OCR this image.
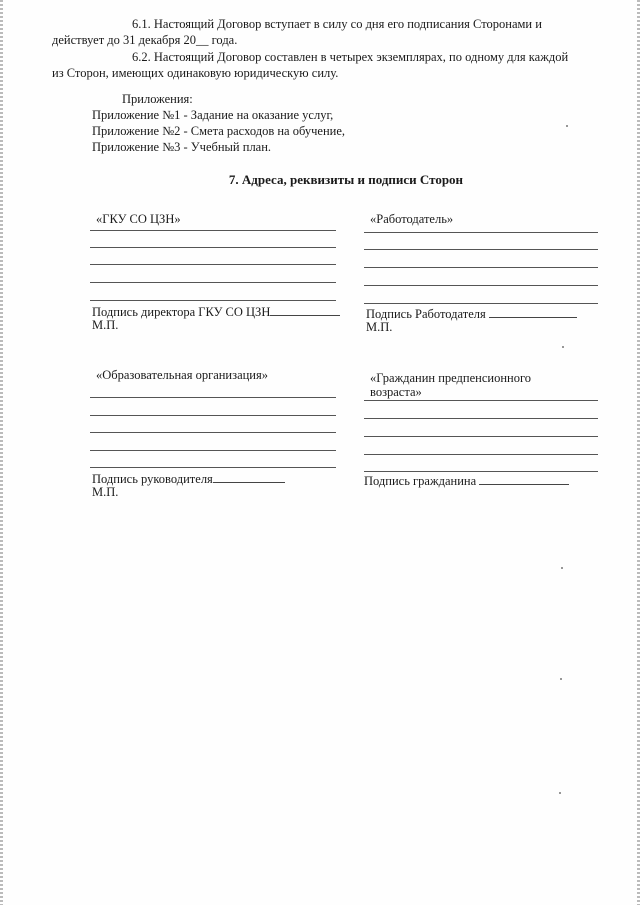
6.1. Настоящий Договор вступает в силу со дня его подписания Сторонами и
действует до 31 декабря 20__ года.
6.2. Настоящий Договор составлен в четырех экземплярах, по одному для каждой
из Сторон, имеющих одинаковую юридическую силу.
Приложения:
Приложение №1 - Задание на оказание услуг,
Приложение №2 - Смета расходов на обучение,
Приложение №3 - Учебный план.
7. Адреса, реквизиты и подписи Сторон
«ГКУ СО ЦЗН»
Подпись директора ГКУ СО ЦЗН
М.П.
«Работодатель»
Подпись Работодателя
М.П.
«Образовательная организация»
Подпись руководителя
М.П.
«Гражданин предпенсионного
возраста»
Подпись гражданина
